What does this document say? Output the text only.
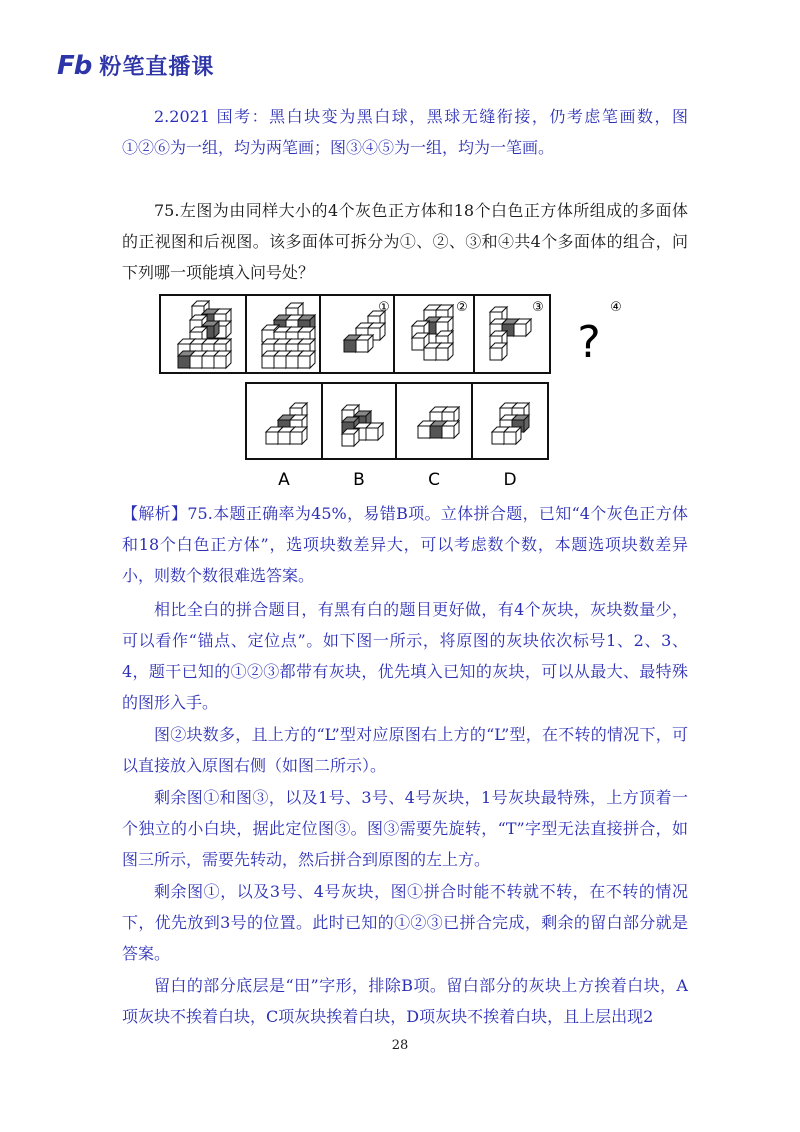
Fb 粉笔直播课

2.2021 国考：黑白块变为黑白球，黑球无缝衔接，仍考虑笔画数，图①②⑥为一组，均为两笔画；图③④⑤为一组，均为一笔画。

75.左图为由同样大小的4个灰色正方体和18个白色正方体所组成的多面体的正视图和后视图。该多面体可拆分为①、②、③和④共4个多面体的组合，问下列哪一项能填入问号处？

①	②	③
?
④
A	B	C	D

【解析】75.本题正确率为45%，易错B项。立体拼合题，已知“4个灰色正方体和18个白色正方体”，选项块数差异大，可以考虑数个数，本题选项块数差异小，则数个数很难选答案。

相比全白的拼合题目，有黑有白的题目更好做，有4个灰块，灰块数量少，可以看作“锚点、定位点”。如下图一所示，将原图的灰块依次标号1、2、3、4，题干已知的①②③都带有灰块，优先填入已知的灰块，可以从最大、最特殊的图形入手。

图②块数多，且上方的“L”型对应原图右上方的“L”型，在不转的情况下，可以直接放入原图右侧（如图二所示）。

剩余图①和图③，以及1号、3号、4号灰块，1号灰块最特殊，上方顶着一个独立的小白块，据此定位图③。图③需要先旋转，“T”字型无法直接拼合，如图三所示，需要先转动，然后拼合到原图的左上方。

剩余图①，以及3号、4号灰块，图①拼合时能不转就不转，在不转的情况下，优先放到3号的位置。此时已知的①②③已拼合完成，剩余的留白部分就是答案。

留白的部分底层是“田”字形，排除B项。留白部分的灰块上方挨着白块，A项灰块不挨着白块，C项灰块挨着白块，D项灰块不挨着白块，且上层出现2

28
